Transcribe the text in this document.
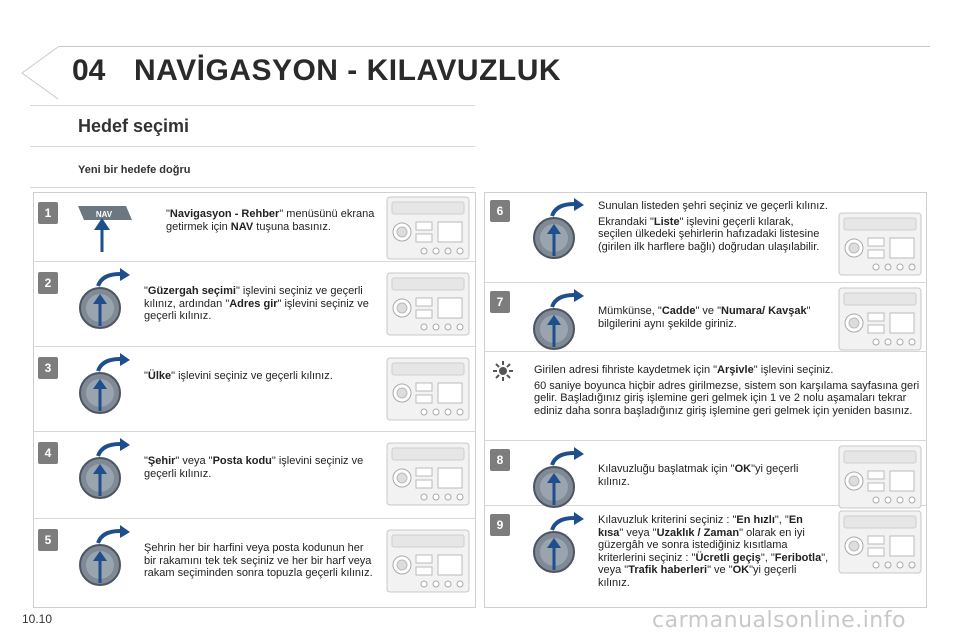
04 NAVİGASYON - KILAVUZLUK
Hedef seçimi
Yeni bir hedefe doğru
1	NAV	"Navigasyon - Rehber" menüsünü ekrana getirmek için NAV tuşuna basınız.
2
"Güzergah seçimi" işlevini seçiniz ve geçerli kılınız, ardından "Adres gir" işlevini seçiniz ve geçerli kılınız.
3
"Ülke" işlevini seçiniz ve geçerli kılınız.
4
"Şehir" veya "Posta kodu" işlevini seçiniz ve geçerli kılınız.
5
Şehrin her bir harfini veya posta kodunun her bir rakamını tek tek seçiniz ve her bir harf veya rakam seçiminden sonra topuzla geçerli kılınız.
6	Sunulan listeden şehri seçiniz ve geçerli kılınız.

Ekrandaki "Liste" işlevini geçerli kılarak, seçilen ülkedeki şehirlerin hafızadaki listesine (girilen ilk harflere bağlı) doğrudan ulaşılabilir.

7
Mümkünse, "Cadde" ve "Numara/ Kavşak" bilgilerini aynı şekilde giriniz.

Girilen adresi fihriste kaydetmek için "Arşivle" işlevini seçiniz.

60 saniye boyunca hiçbir adres girilmezse, sistem son karşılama sayfasına geri gelir. Başladığınız giriş işlemine geri gelmek için 1 ve 2 nolu aşamaları tekrar ediniz daha sonra başladığınız giriş işlemine geri gelmek için yeniden basınız.

8
Kılavuzluğu başlatmak için "OK"yi geçerli kılınız.
9	Kılavuzluk kriterini seçiniz : "En hızlı", "En kısa" veya "Uzaklık / Zaman" olarak en iyi güzergâh ve sonra istediğiniz kısıtlama kriterlerini seçiniz : "Ücretli geçiş", "Feribotla", veya "Trafik haberleri" ve "OK"yi geçerli kılınız.
10.10	carmanualsonline.info
